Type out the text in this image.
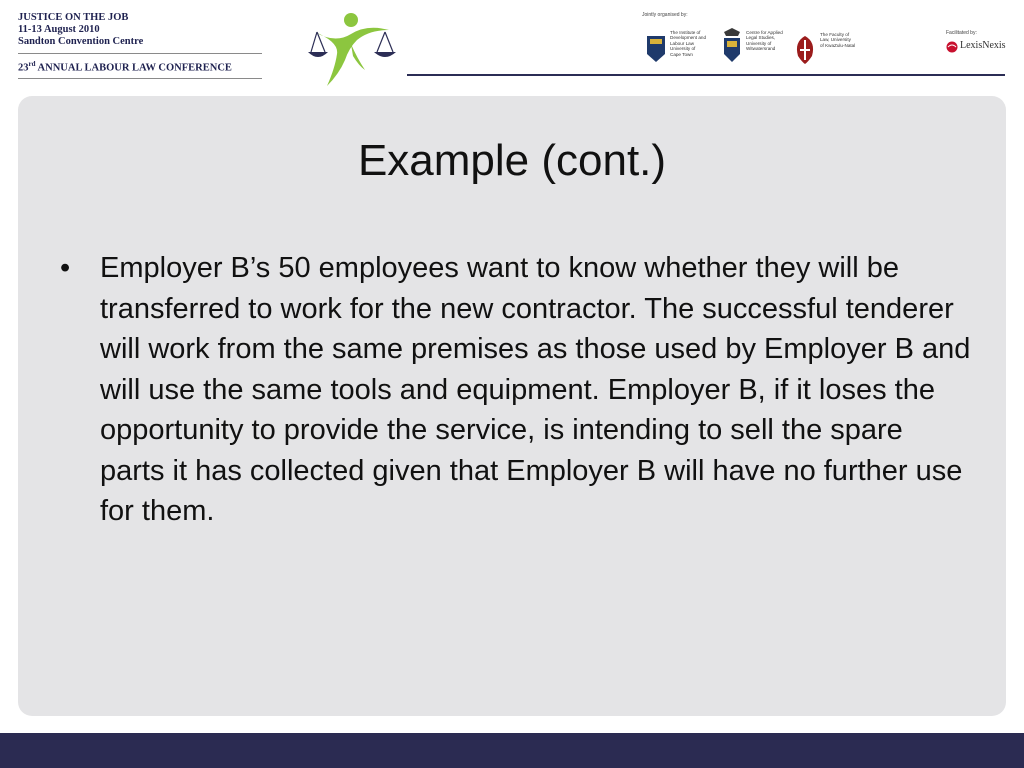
JUSTICE ON THE JOB
11-13 August 2010
Sandton Convention Centre
23rd ANNUAL LABOUR LAW CONFERENCE
Jointly organised by:
The Institute of
Development and
Labour Law
University of
Cape Town
Centre for Applied
Legal Studies,
University of
Witwatersrand
The Faculty of
Law, University
of KwaZulu-Natal
Facilitated by:
LexisNexis
Example (cont.)
• Employer B’s 50 employees want to know whether they will be transferred to work for the new contractor. The successful tenderer will work from the same premises as those used by Employer B and will use the same tools and equipment. Employer B, if it loses the opportunity to provide the service, is intending to sell the spare parts it has collected given that Employer B will have no further use for them.
